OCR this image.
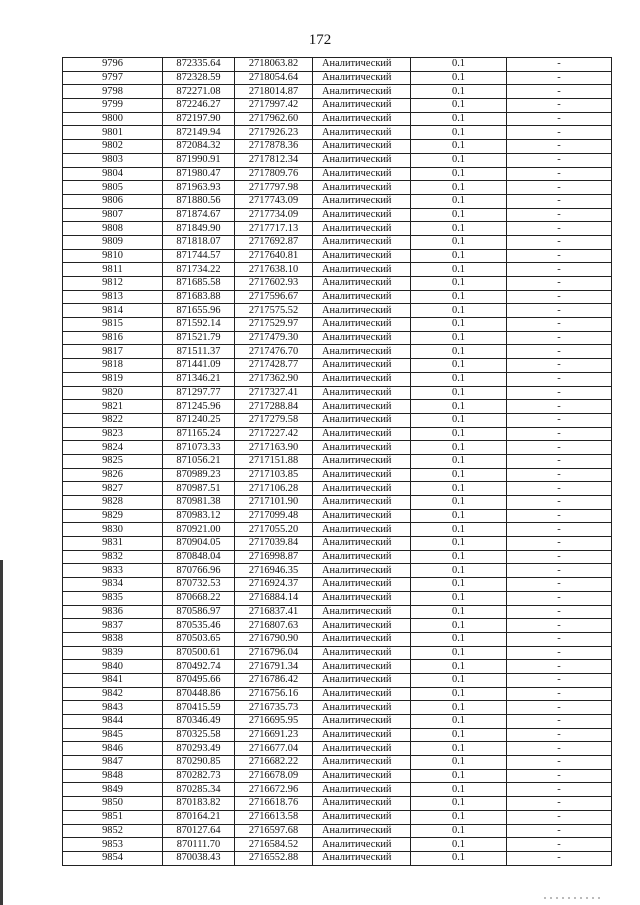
172
9796	872335.64	2718063.82	Аналитический	0.1	-
9797	872328.59	2718054.64	Аналитический	0.1	-
9798	872271.08	2718014.87	Аналитический	0.1	-
9799	872246.27	2717997.42	Аналитический	0.1	-
9800	872197.90	2717962.60	Аналитический	0.1	-
9801	872149.94	2717926.23	Аналитический	0.1	-
9802	872084.32	2717878.36	Аналитический	0.1	-
9803	871990.91	2717812.34	Аналитический	0.1	-
9804	871980.47	2717809.76	Аналитический	0.1	-
9805	871963.93	2717797.98	Аналитический	0.1	-
9806	871880.56	2717743.09	Аналитический	0.1	-
9807	871874.67	2717734.09	Аналитический	0.1	-
9808	871849.90	2717717.13	Аналитический	0.1	-
9809	871818.07	2717692.87	Аналитический	0.1	-
9810	871744.57	2717640.81	Аналитический	0.1	-
9811	871734.22	2717638.10	Аналитический	0.1	-
9812	871685.58	2717602.93	Аналитический	0.1	-
9813	871683.88	2717596.67	Аналитический	0.1	-
9814	871655.96	2717575.52	Аналитический	0.1	-
9815	871592.14	2717529.97	Аналитический	0.1	-
9816	871521.79	2717479.30	Аналитический	0.1	-
9817	871511.37	2717476.70	Аналитический	0.1	-
9818	871441.09	2717428.77	Аналитический	0.1	-
9819	871346.21	2717362.90	Аналитический	0.1	-
9820	871297.77	2717327.41	Аналитический	0.1	-
9821	871245.96	2717288.84	Аналитический	0.1	-
9822	871240.25	2717279.58	Аналитический	0.1	-
9823	871165.24	2717227.42	Аналитический	0.1	-
9824	871073.33	2717163.90	Аналитический	0.1	-
9825	871056.21	2717151.88	Аналитический	0.1	-
9826	870989.23	2717103.85	Аналитический	0.1	-
9827	870987.51	2717106.28	Аналитический	0.1	-
9828	870981.38	2717101.90	Аналитический	0.1	-
9829	870983.12	2717099.48	Аналитический	0.1	-
9830	870921.00	2717055.20	Аналитический	0.1	-
9831	870904.05	2717039.84	Аналитический	0.1	-
9832	870848.04	2716998.87	Аналитический	0.1	-
9833	870766.96	2716946.35	Аналитический	0.1	-
9834	870732.53	2716924.37	Аналитический	0.1	-
9835	870668.22	2716884.14	Аналитический	0.1	-
9836	870586.97	2716837.41	Аналитический	0.1	-
9837	870535.46	2716807.63	Аналитический	0.1	-
9838	870503.65	2716790.90	Аналитический	0.1	-
9839	870500.61	2716796.04	Аналитический	0.1	-
9840	870492.74	2716791.34	Аналитический	0.1	-
9841	870495.66	2716786.42	Аналитический	0.1	-
9842	870448.86	2716756.16	Аналитический	0.1	-
9843	870415.59	2716735.73	Аналитический	0.1	-
9844	870346.49	2716695.95	Аналитический	0.1	-
9845	870325.58	2716691.23	Аналитический	0.1	-
9846	870293.49	2716677.04	Аналитический	0.1	-
9847	870290.85	2716682.22	Аналитический	0.1	-
9848	870282.73	2716678.09	Аналитический	0.1	-
9849	870285.34	2716672.96	Аналитический	0.1	-
9850	870183.82	2716618.76	Аналитический	0.1	-
9851	870164.21	2716613.58	Аналитический	0.1	-
9852	870127.64	2716597.68	Аналитический	0.1	-
9853	870111.70	2716584.52	Аналитический	0.1	-
9854	870038.43	2716552.88	Аналитический	0.1	-
